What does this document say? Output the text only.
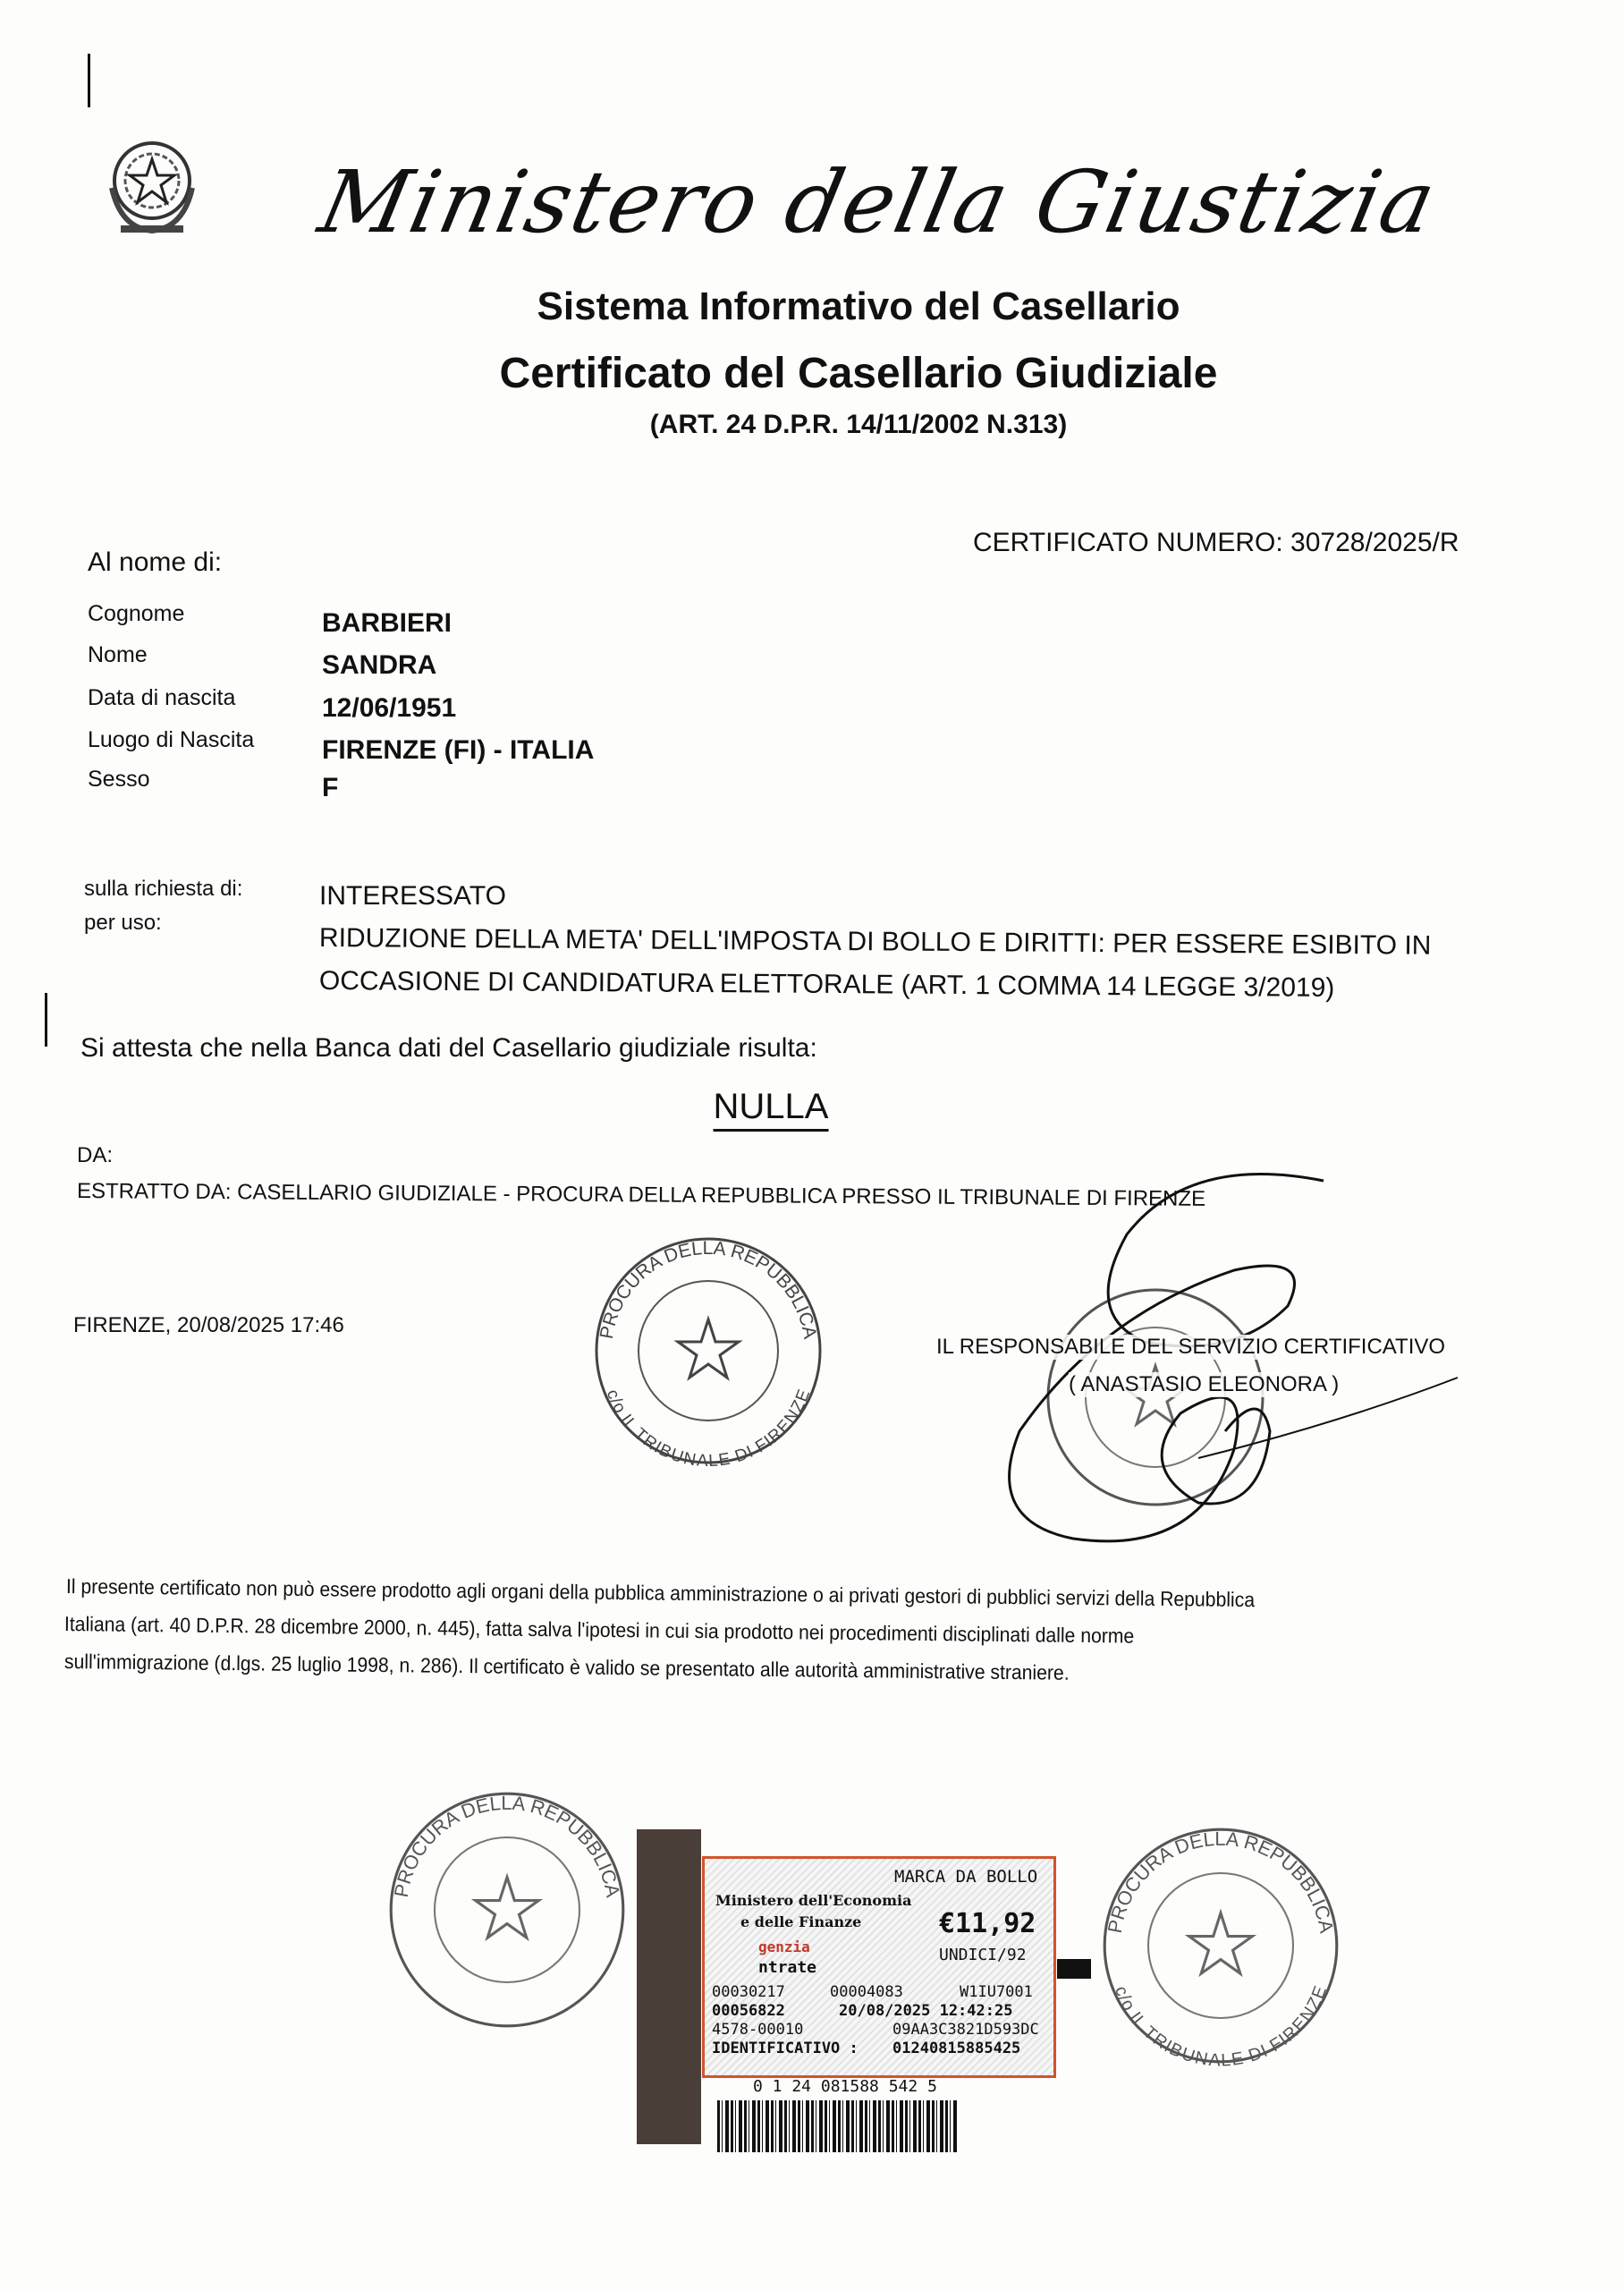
Ministero della Giustizia
Sistema Informativo del Casellario
Certificato del Casellario Giudiziale
(ART. 24 D.P.R. 14/11/2002 N.313)
CERTIFICATO NUMERO: 30728/2025/R
Al nome di:
Cognome	BARBIERI
Nome	SANDRA
Data di nascita	12/06/1951
Luogo di Nascita	FIRENZE (FI) - ITALIA
Sesso	F
sulla richiesta di:	INTERESSATO
per uso:
RIDUZIONE DELLA META' DELL'IMPOSTA DI BOLLO E DIRITTI: PER ESSERE ESIBITO IN
OCCASIONE DI CANDIDATURA ELETTORALE (ART. 1 COMMA 14 LEGGE 3/2019)
Si attesta che nella Banca dati del Casellario giudiziale risulta:
NULLA
DA:
ESTRATTO DA: CASELLARIO GIUDIZIALE - PROCURA DELLA REPUBBLICA PRESSO IL TRIBUNALE DI FIRENZE
FIRENZE, 20/08/2025 17:46
IL RESPONSABILE DEL SERVIZIO CERTIFICATIVO
( ANASTASIO ELEONORA )
PROCURA DELLA REPUBBLICA
c/o IL TRIBUNALE DI FIRENZE
Il presente certificato non può essere prodotto agli organi della pubblica amministrazione o ai privati gestori di pubblici servizi della Repubblica
Italiana (art. 40 D.P.R. 28 dicembre 2000, n. 445), fatta salva l'ipotesi in cui sia prodotto nei procedimenti disciplinati dalle norme
sull'immigrazione (d.lgs. 25 luglio 1998, n. 286). Il certificato è valido se presentato alle autorità amministrative straniere.
PROCURA DELLA REPUBBLICA
PROCURA DELLA REPUBBLICA
c/o IL TRIBUNALE DI FIRENZE
MARCA DA BOLLO
Ministero dell'Economia
e delle Finanze	€11,92
UNDICI/92
genzia
ntrate
00030217	00004083	W1IU7001
00056822	20/08/2025 12:42:25
4578-00010	09AA3C3821D593DC
IDENTIFICATIVO : 01240815885425
0 1 24 081588 542 5
